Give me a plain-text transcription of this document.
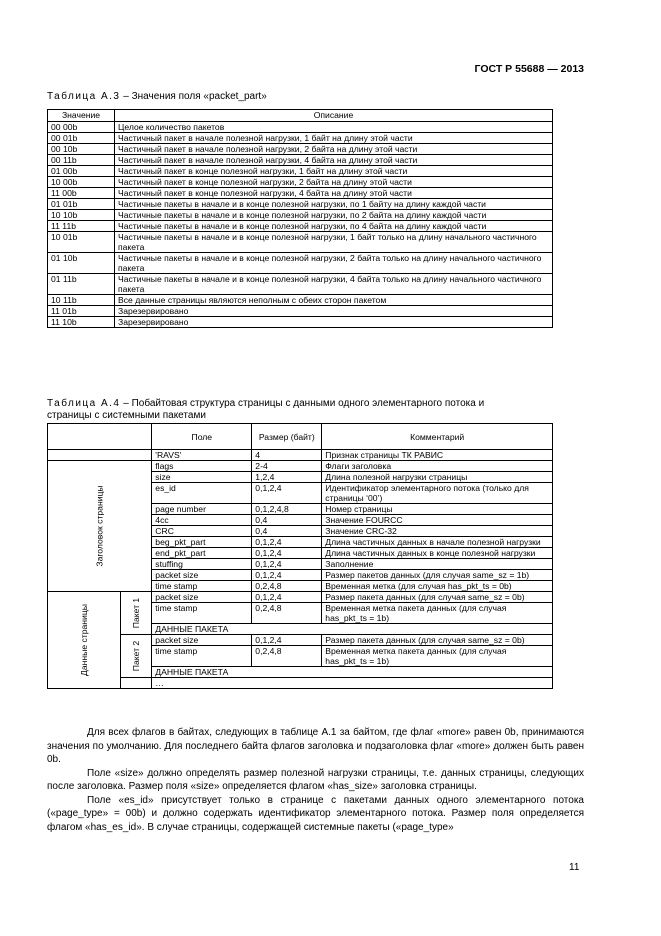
ГОСТ Р 55688 — 2013
Таблица А.3 – Значения поля «packet_part»
Значение	Описание
00 00b	Целое количество пакетов
00 01b	Частичный пакет в начале полезной нагрузки, 1 байт на длину этой части
00 10b	Частичный пакет в начале полезной нагрузки, 2 байта на длину этой части
00 11b	Частичный пакет в начале полезной нагрузки, 4 байта на длину этой части
01 00b	Частичный пакет в конце полезной нагрузки, 1 байт на длину этой части
10 00b	Частичный пакет в конце полезной нагрузки, 2 байта на длину этой части
11 00b	Частичный пакет в конце полезной нагрузки, 4 байта на длину этой части
01 01b	Частичные пакеты в начале и в конце полезной нагрузки, по 1 байту на длину каждой части
10 10b	Частичные пакеты в начале и в конце полезной нагрузки, по 2 байта на длину каждой части
11 11b	Частичные пакеты в начале и в конце полезной нагрузки, по 4 байта на длину каждой части
10 01b	Частичные пакеты в начале и в конце полезной нагрузки, 1 байт только на длину начального частичного пакета
01 10b	Частичные пакеты в начале и в конце полезной нагрузки, 2 байта только на длину начального частичного пакета
01 11b	Частичные пакеты в начале и в конце полезной нагрузки, 4 байта только на длину начального частичного пакета
10 11b	Все данные страницы являются неполным с обеих сторон пакетом
11 01b	Зарезервировано
11 10b	Зарезервировано
Таблица А.4 – Побайтовая структура страницы с данными одного элементарного потока и
страницы с системными пакетами
		Поле	Размер (байт)	Комментарий
		'RAVS'	4	Признак страницы ТК РАВИС
Заголовок страницы		flags	2-4	Флаги заголовка
		size	1,2,4	Длина полезной нагрузки страницы
		es_id	0,1,2,4	Идентификатор элементарного потока (только для страницы ‘00’)
		page number	0,1,2,4,8	Номер страницы
		4cc	0,4	Значение FOURCC
		CRC	0,4	Значение CRC-32
		beg_pkt_part	0,1,2,4	Длина частичных данных в начале полезной нагрузки
		end_pkt_part	0,1,2,4	Длина частичных данных в конце полезной нагрузки
		stuffing	0,1,2,4	Заполнение
		packet size	0,1,2,4	Размер пакетов данных (для случая same_sz = 1b)
		time stamp	0,2,4,8	Временная метка (для случая has_pkt_ts = 0b)
Данные страницы	Пакет 1	packet size	0,1,2,4	Размер пакета данных (для случая same_sz = 0b)
		time stamp	0,2,4,8	Временная метка пакета данных (для случая has_pkt_ts = 1b)
		ДАННЫЕ ПАКЕТА		
	Пакет 2	packet size	0,1,2,4	Размер пакета данных (для случая same_sz = 0b)
		time stamp	0,2,4,8	Временная метка пакета данных (для случая has_pkt_ts = 1b)
		ДАННЫЕ ПАКЕТА		
		…		

Для всех флагов в байтах, следующих в таблице А.1 за байтом, где флаг «more» равен 0b, принимаются значения по умолчанию. Для последнего байта флагов заголовка и подзаголовка флаг «more» должен быть равен 0b.

Поле «size» должно определять размер полезной нагрузки страницы, т.е. данных страницы, следующих после заголовка. Размер поля «size» определяется флагом «has_size» заголовка страницы.

Поле «es_id» присутствует только в странице с пакетами данных одного элементарного потока («page_type» = 00b) и должно содержать идентификатор элементарного потока. Размер поля определяется флагом «has_es_id». В случае страницы, содержащей системные пакеты («page_type»

11
